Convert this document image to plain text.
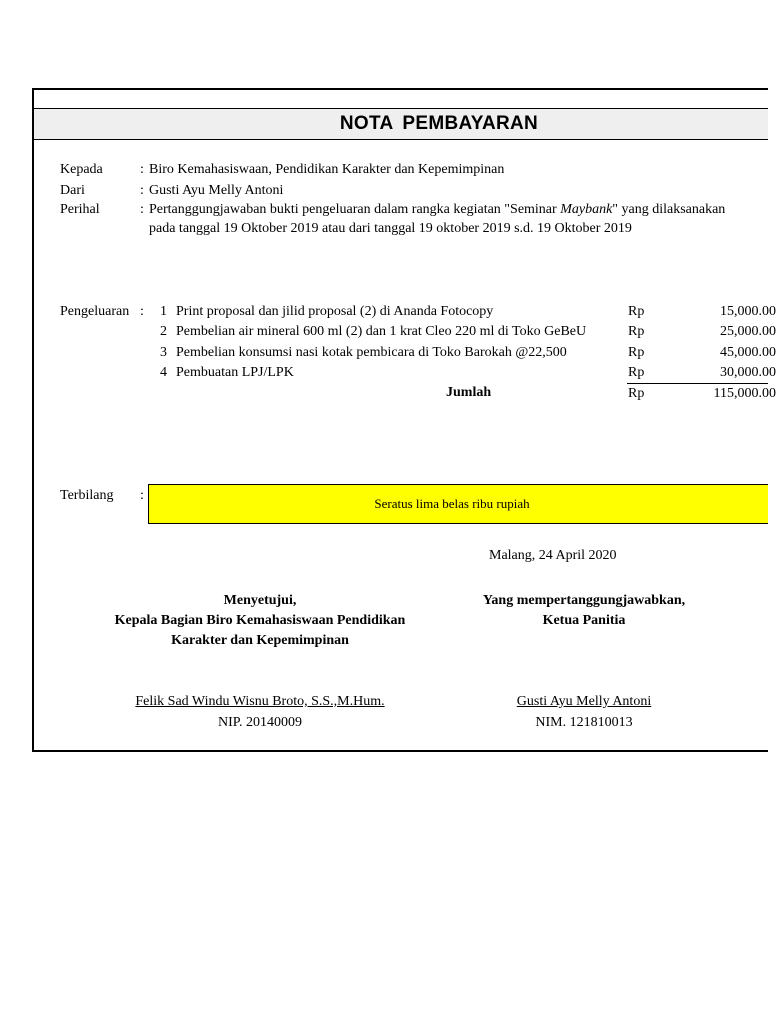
NOTA PEMBAYARAN
Kepada	: Biro Kemahasiswaan, Pendidikan Karakter dan Kepemimpinan
Dari	: Gusti Ayu Melly Antoni
Perihal	: Pertanggungjawaban bukti pengeluaran dalam rangka kegiatan "Seminar Maybank" yang dilaksanakan
pada tanggal 19 Oktober 2019 atau dari tanggal 19 oktober 2019 s.d. 19 Oktober 2019
Pengeluaran : 1 Print proposal dan jilid proposal (2) di Ananda Fotocopy	Rp	15,000.00
2 Pembelian air mineral 600 ml (2) dan 1 krat Cleo 220 ml di Toko GeBeU	Rp	25,000.00
3 Pembelian konsumsi nasi kotak pembicara di Toko Barokah @22,500	Rp	45,000.00
4 Pembuatan LPJ/LPK	Rp	30,000.00
Jumlah	Rp	115,000.00
Terbilang :
Seratus lima belas ribu rupiah
Malang, 24 April 2020
Menyetujui,
Kepala Bagian Biro Kemahasiswaan Pendidikan
Karakter dan Kepemimpinan
Felik Sad Windu Wisnu Broto, S.S.,M.Hum.
NIP. 20140009
Yang mempertanggungjawabkan,
Ketua Panitia
Gusti Ayu Melly Antoni
NIM. 121810013
